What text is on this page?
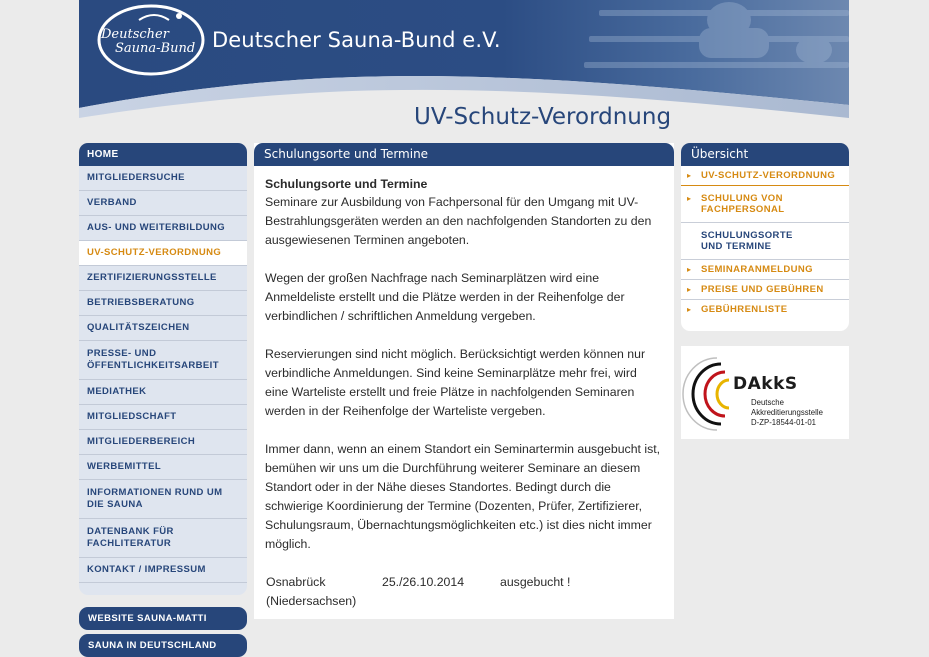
Deutscher
Sauna-Bund Deutscher Sauna-Bund e.V.
UV-Schutz-Verordnung
HOME
MITGLIEDERSUCHE
VERBAND
AUS- UND WEITERBILDUNG
UV-SCHUTZ-VERORDNUNG
ZERTIFIZIERUNGSSTELLE
BETRIEBSBERATUNG
QUALITÄTSZEICHEN
PRESSE- UND
ÖFFENTLICHKEITSARBEIT
MEDIATHEK
MITGLIEDSCHAFT
MITGLIEDERBEREICH
WERBEMITTEL
INFORMATIONEN RUND UM
DIE SAUNA
DATENBANK FÜR
FACHLITERATUR
KONTAKT / IMPRESSUM
WEBSITE SAUNA-MATTI
SAUNA IN DEUTSCHLAND
Schulungsorte und Termine
Schulungsorte und Termine

Seminare zur Ausbildung von Fachpersonal für den Umgang mit UV-Bestrahlungsgeräten werden an den nachfolgenden Standorten zu den ausgewiesenen Terminen angeboten.

Wegen der großen Nachfrage nach Seminarplätzen wird eine Anmeldeliste erstellt und die Plätze werden in der Reihenfolge der verbindlichen / schriftlichen Anmeldung vergeben.

Reservierungen sind nicht möglich. Berücksichtigt werden können nur verbindliche Anmeldungen. Sind keine Seminarplätze mehr frei, wird eine Warteliste erstellt und freie Plätze in nachfolgenden Seminaren werden in der Reihenfolge der Warteliste vergeben.

Immer dann, wenn an einem Standort ein Seminartermin ausgebucht ist, bemühen wir uns um die Durchführung weiterer Seminare an diesem Standort oder in der Nähe dieses Standortes. Bedingt durch die schwierige Koordinierung der Termine (Dozenten, Prüfer, Zertifizierer, Schulungsraum, Übernachtungsmöglichkeiten etc.) ist dies nicht immer möglich.

Osnabrück
(Niedersachsen)
25./26.10.2014	ausgebucht !
Übersicht
▸	UV-SCHUTZ-VERORDNUNG
▸	SCHULUNG VON
FACHPERSONAL
SCHULUNGSORTE
UND TERMINE
▸	SEMINARANMELDUNG
▸	PREISE UND GEBÜHREN
▸	GEBÜHRENLISTE
DAkkS
Deutsche
Akkreditierungsstelle
D-ZP-18544-01-01
